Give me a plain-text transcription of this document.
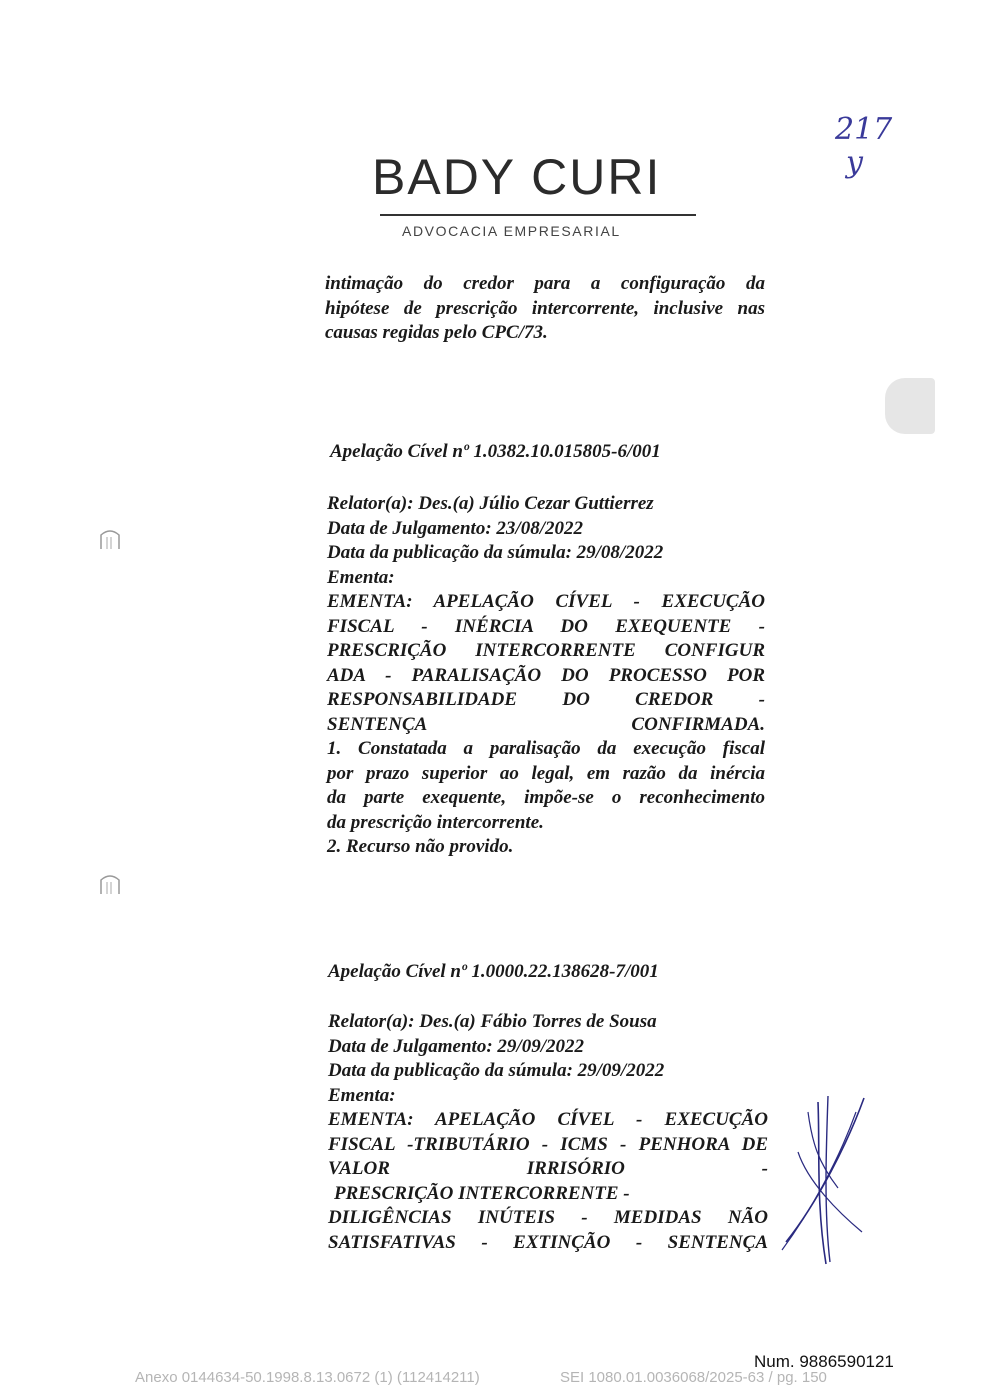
BADY CURI
ADVOCACIA EMPRESARIAL
217
y
intimação do credor para a configuração da
hipótese de prescrição intercorrente, inclusive nas
causas regidas pelo CPC/73.
Apelação Cível nº 1.0382.10.015805-6/001
Relator(a): Des.(a) Júlio Cezar Guttierrez
Data de Julgamento: 23/08/2022
Data da publicação da súmula: 29/08/2022
Ementa:
EMENTA: APELAÇÃO CÍVEL - EXECUÇÃO
FISCAL - INÉRCIA DO EXEQUENTE -
PRESCRIÇÃO INTERCORRENTE CONFIGUR
ADA - PARALISAÇÃO DO PROCESSO POR
RESPONSABILIDADE DO CREDOR -
SENTENÇA CONFIRMADA.
1. Constatada a paralisação da execução fiscal
por prazo superior ao legal, em razão da inércia
da parte exequente, impõe-se o reconhecimento
da prescrição intercorrente.
2. Recurso não provido.
Apelação Cível nº 1.0000.22.138628-7/001
Relator(a): Des.(a) Fábio Torres de Sousa
Data de Julgamento: 29/09/2022
Data da publicação da súmula: 29/09/2022
Ementa:
EMENTA: APELAÇÃO CÍVEL - EXECUÇÃO
FISCAL -TRIBUTÁRIO - ICMS - PENHORA DE
VALOR IRRISÓRIO -
PRESCRIÇÃO INTERCORRENTE -
DILIGÊNCIAS INÚTEIS - MEDIDAS NÃO
SATISFATIVAS - EXTINÇÃO - SENTENÇA
Num. 9886590121
Anexo 0144634-50.1998.8.13.0672 (1) (112414211)	SEI 1080.01.0036068/2025-63 / pg. 150
